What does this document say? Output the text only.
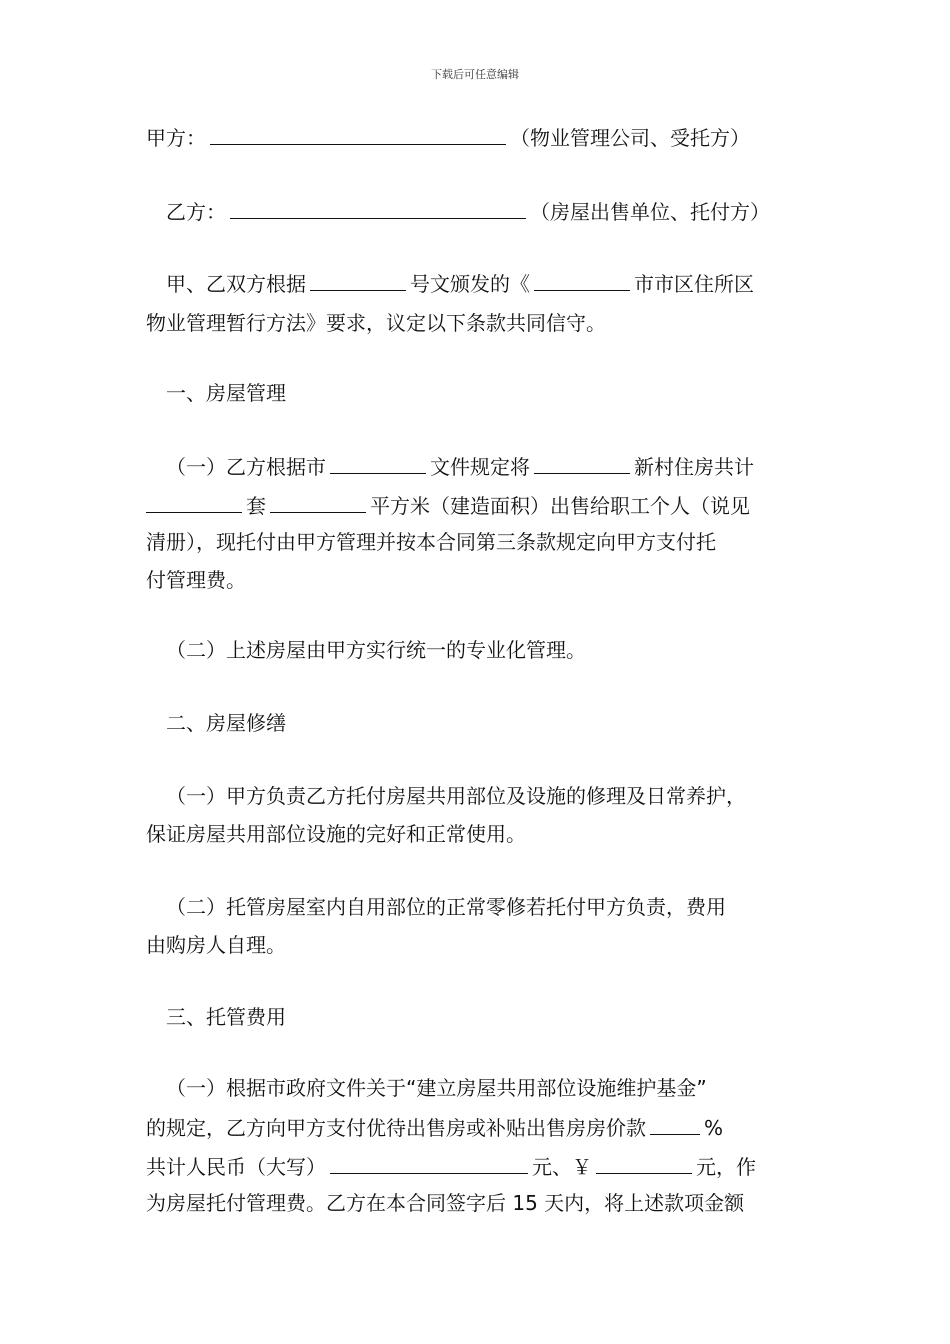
下载后可任意编辑
甲方：	（物业管理公司、受托方）
乙方：	（房屋出售单位、托付方）
甲、乙双方根据	号文颁发的《	市市区住所区
物业管理暂行方法》要求，议定以下条款共同信守。
一、房屋管理
（一）乙方根据市	文件规定将	新村住房共计
套	平方米（建造面积）出售给职工个人（说见
清册），现托付由甲方管理并按本合同第三条款规定向甲方支付托
付管理费。
（二）上述房屋由甲方实行统一的专业化管理。
二、房屋修缮
（一）甲方负责乙方托付房屋共用部位及设施的修理及日常养护，
保证房屋共用部位设施的完好和正常使用。
（二）托管房屋室内自用部位的正常零修若托付甲方负责，费用
由购房人自理。
三、托管费用
（一）根据市政府文件关于“建立房屋共用部位设施维护基金”
的规定，乙方向甲方支付优待出售房或补贴出售房房价款	%
共计人民币（大写）	元、￥	元，作
为房屋托付管理费。乙方在本合同签字后 15 天内，将上述款项金额
